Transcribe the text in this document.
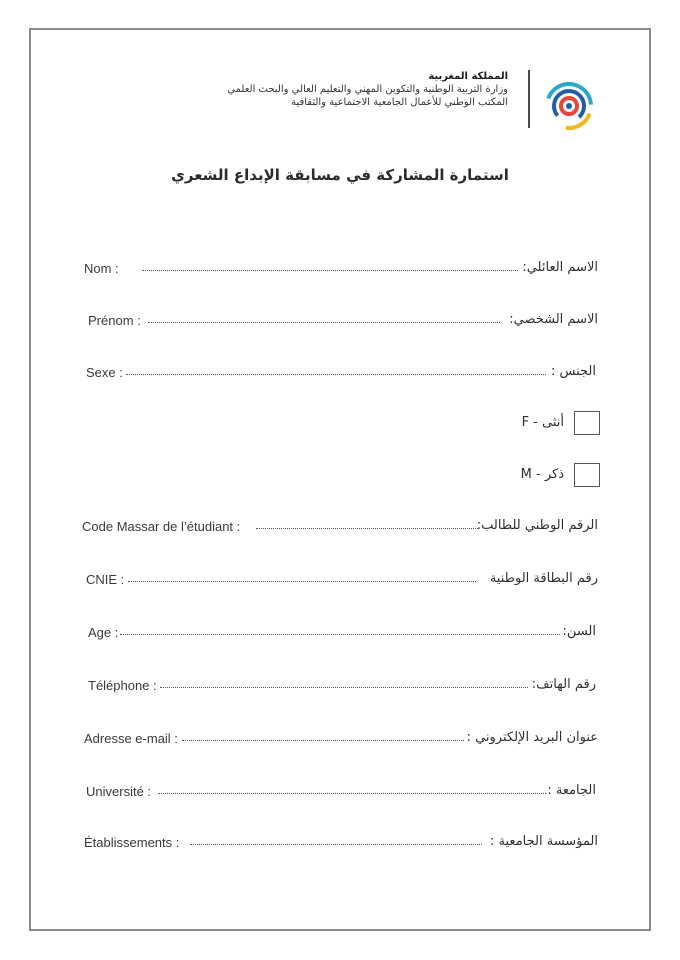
المملكة المغربية
وزارة التربية الوطنية والتكوين المهني والتعليم العالي والبحث العلمي
المكتب الوطني للأعمال الجامعية الاجتماعية والثقافية
استمارة المشاركة في مسابقة الإبداع الشعري
Nom :	الاسم العائلي:
Prénom :	الاسم الشخصي:
Sexe :	الجنس :
أنثى - F
ذكر - M
Code Massar de l’étudiant :	الرقم الوطني للطالب:
CNIE :	رقم البطاقة الوطنية
Age :	السن:
Téléphone :	رقم الهاتف:
Adresse e-mail :	عنوان البريد الإلكتروني :
Université :	الجامعة :
Établissements :	المؤسسة الجامعية :
